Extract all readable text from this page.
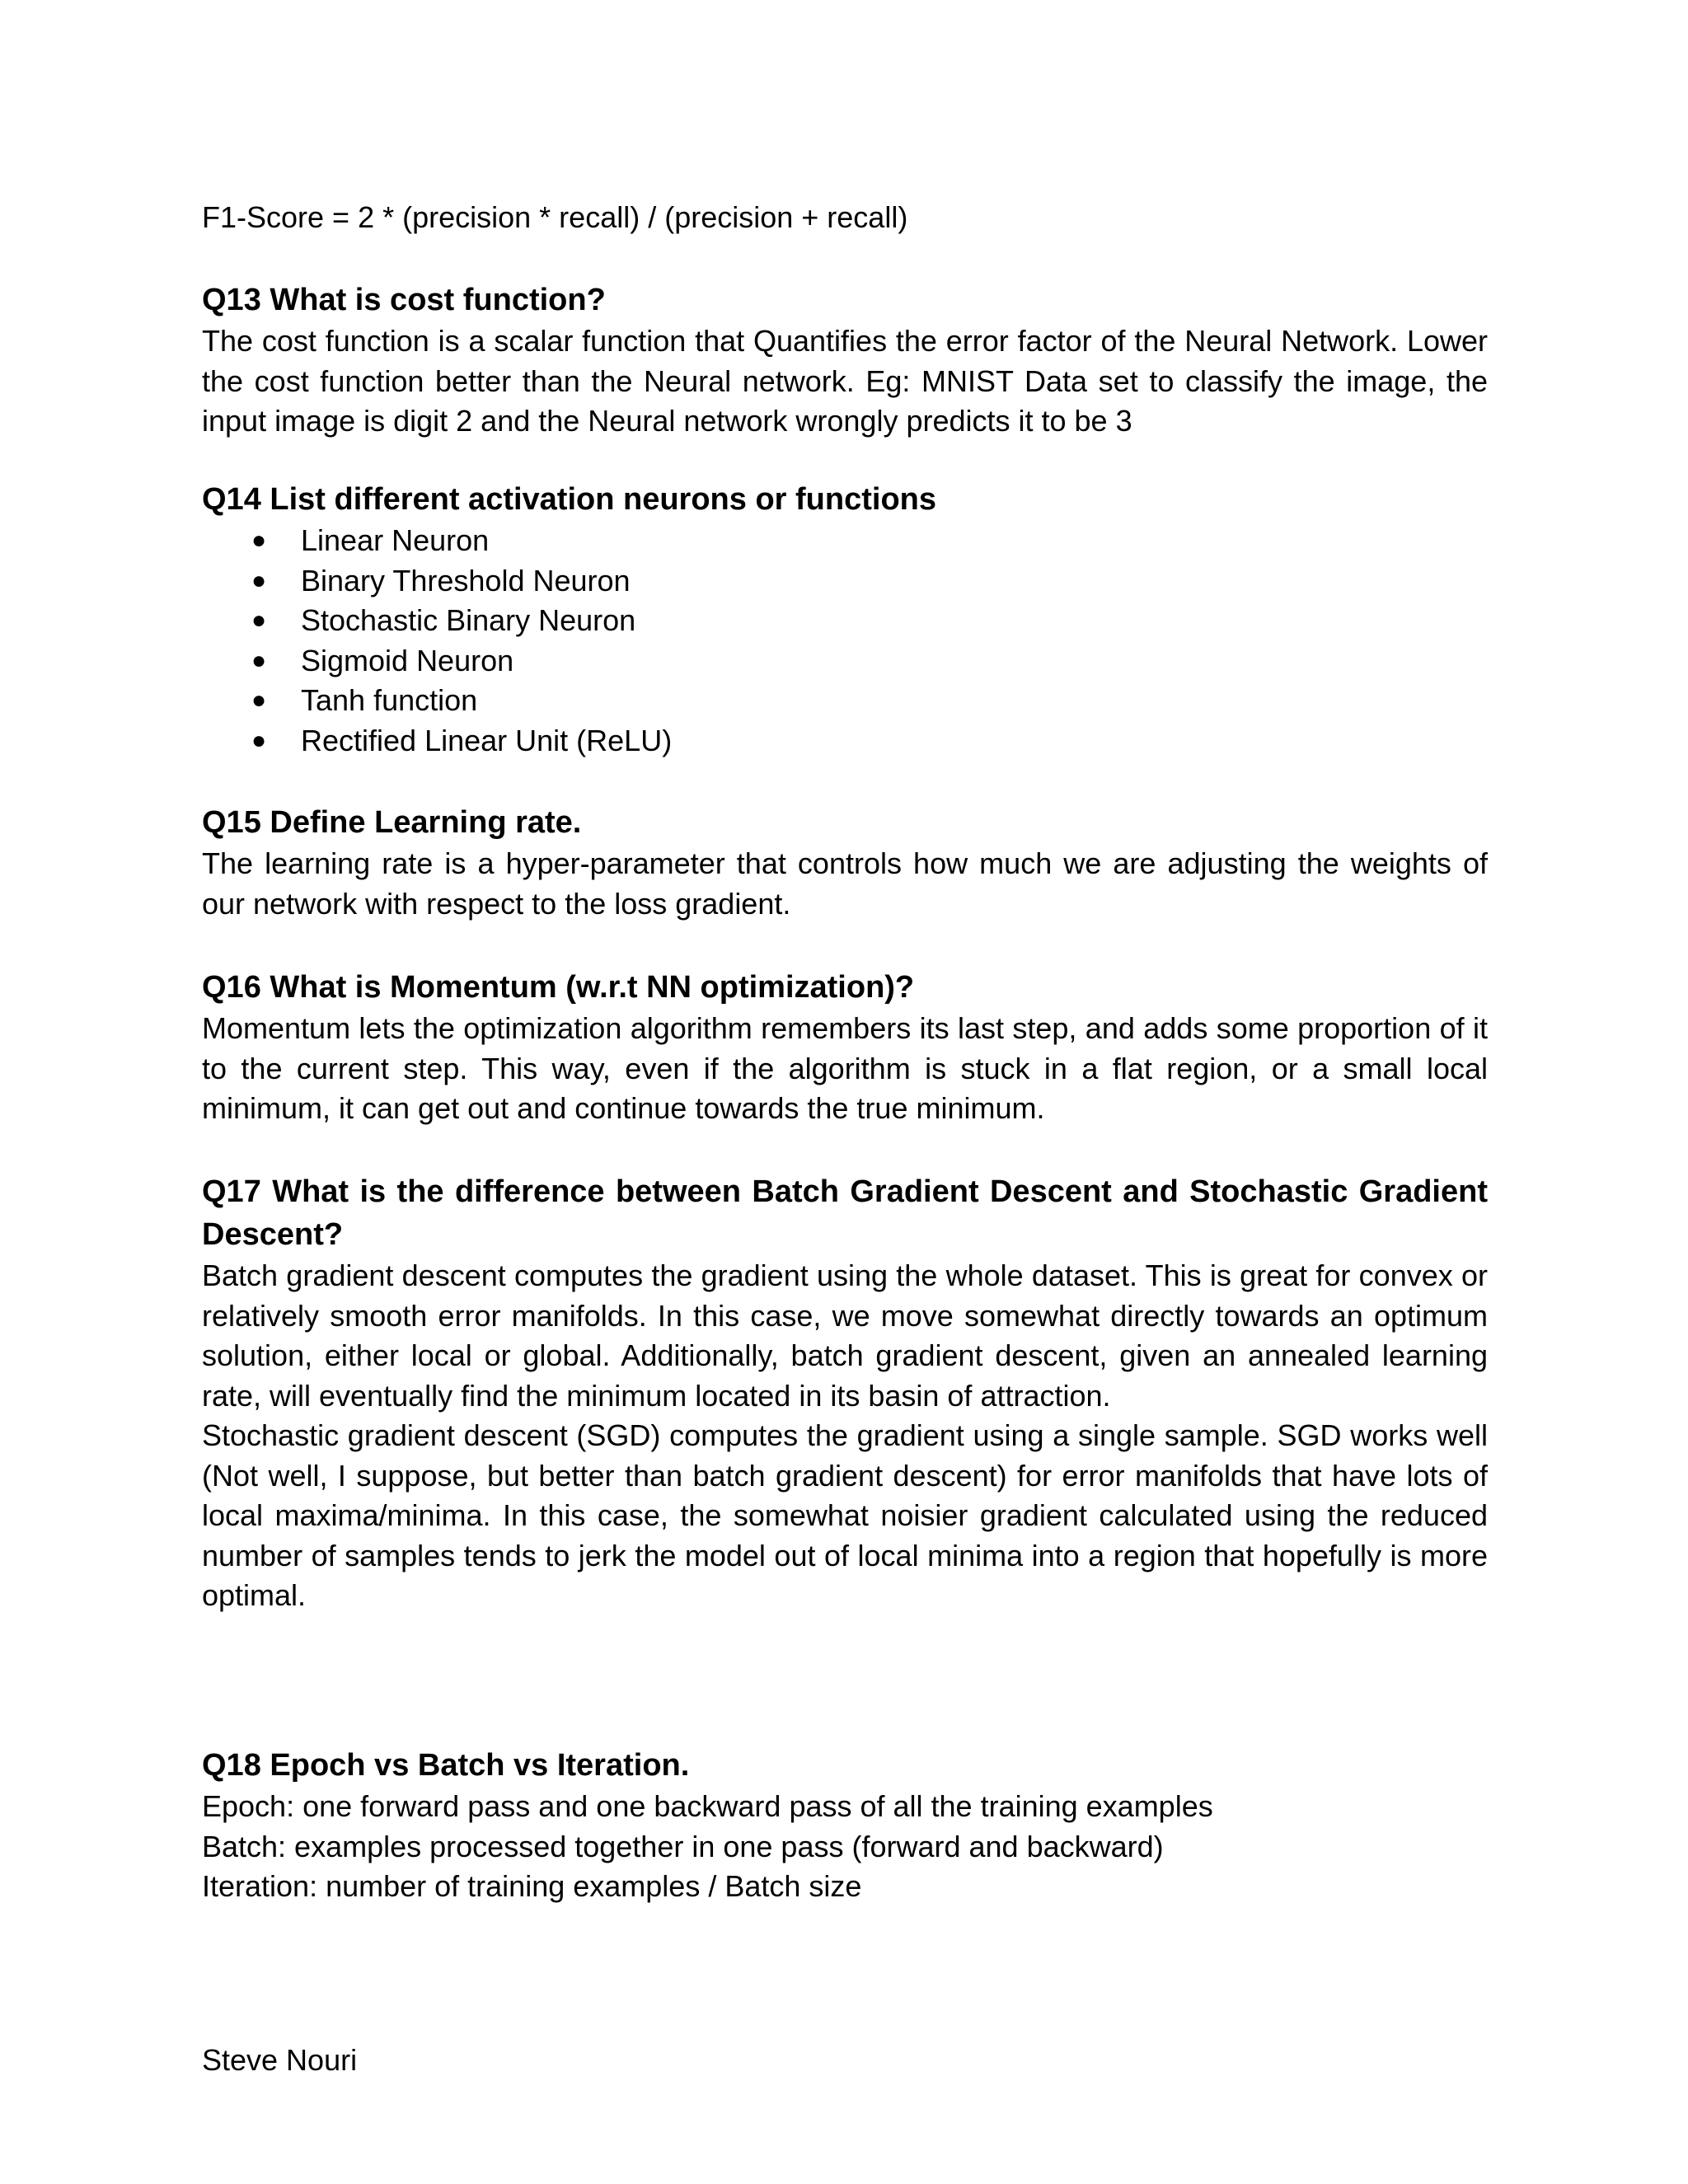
F1-Score = 2 * (precision * recall) / (precision + recall)
Q13 What is cost function?

The cost function is a scalar function that Quantifies the error factor of the Neural Network. Lower the cost function better than the Neural network. Eg: MNIST Data set to classify the image, the input image is digit 2 and the Neural network wrongly predicts it to be 3

Q14 List different activation neurons or functions
● Linear Neuron
● Binary Threshold Neuron
● Stochastic Binary Neuron
● Sigmoid Neuron
● Tanh function
● Rectified Linear Unit (ReLU)
Q15 Define Learning rate.

The learning rate is a hyper-parameter that controls how much we are adjusting the weights of our network with respect to the loss gradient.

Q16 What is Momentum (w.r.t NN optimization)?

Momentum lets the optimization algorithm remembers its last step, and adds some proportion of it to the current step. This way, even if the algorithm is stuck in a flat region, or a small local minimum, it can get out and continue towards the true minimum.

Q17 What is the difference between Batch Gradient Descent and Stochastic Gradient Descent?

Batch gradient descent computes the gradient using the whole dataset. This is great for convex or relatively smooth error manifolds. In this case, we move somewhat directly towards an optimum solution, either local or global. Additionally, batch gradient descent, given an annealed learning rate, will eventually find the minimum located in its basin of attraction.

Stochastic gradient descent (SGD) computes the gradient using a single sample. SGD works well (Not well, I suppose, but better than batch gradient descent) for error manifolds that have lots of local maxima/minima. In this case, the somewhat noisier gradient calculated using the reduced number of samples tends to jerk the model out of local minima into a region that hopefully is more optimal.

Q18 Epoch vs Batch vs Iteration.
Epoch: one forward pass and one backward pass of all the training examples
Batch: examples processed together in one pass (forward and backward)
Iteration: number of training examples / Batch size
Steve Nouri
